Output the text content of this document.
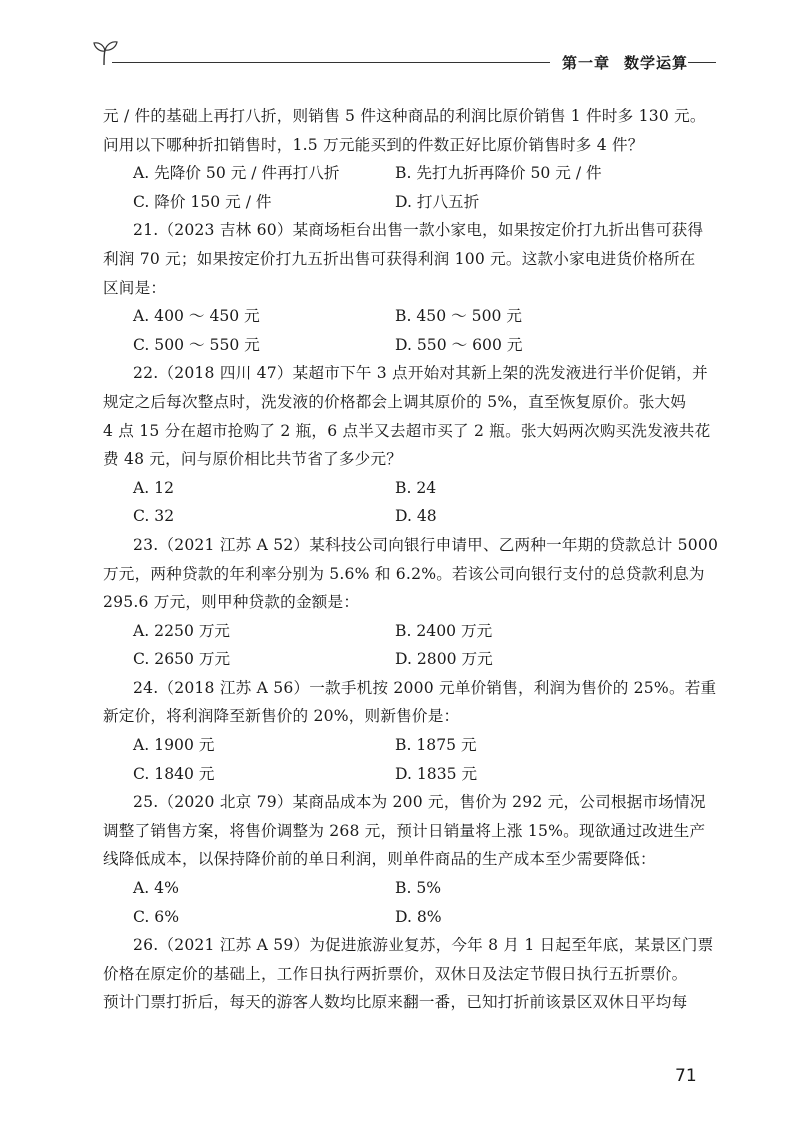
第一章 数学运算
元 / 件的基础上再打八折，则销售 5 件这种商品的利润比原价销售 1 件时多 130 元。
问用以下哪种折扣销售时，1.5 万元能买到的件数正好比原价销售时多 4 件？
A. 先降价 50 元 / 件再打八折	B. 先打九折再降价 50 元 / 件
C. 降价 150 元 / 件	D. 打八五折
21.（2023 吉林 60）某商场柜台出售一款小家电，如果按定价打九折出售可获得
利润 70 元；如果按定价打九五折出售可获得利润 100 元。这款小家电进货价格所在
区间是：
A. 400 ～ 450 元	B. 450 ～ 500 元
C. 500 ～ 550 元	D. 550 ～ 600 元
22.（2018 四川 47）某超市下午 3 点开始对其新上架的洗发液进行半价促销，并
规定之后每次整点时，洗发液的价格都会上调其原价的 5%，直至恢复原价。张大妈
4 点 15 分在超市抢购了 2 瓶，6 点半又去超市买了 2 瓶。张大妈两次购买洗发液共花
费 48 元，问与原价相比共节省了多少元？
A. 12	B. 24
C. 32	D. 48
23.（2021 江苏 A 52）某科技公司向银行申请甲、乙两种一年期的贷款总计 5000
万元，两种贷款的年利率分别为 5.6% 和 6.2%。若该公司向银行支付的总贷款利息为
295.6 万元，则甲种贷款的金额是：
A. 2250 万元	B. 2400 万元
C. 2650 万元	D. 2800 万元
24.（2018 江苏 A 56）一款手机按 2000 元单价销售，利润为售价的 25%。若重
新定价，将利润降至新售价的 20%，则新售价是：
A. 1900 元	B. 1875 元
C. 1840 元	D. 1835 元
25.（2020 北京 79）某商品成本为 200 元，售价为 292 元，公司根据市场情况
调整了销售方案，将售价调整为 268 元，预计日销量将上涨 15%。现欲通过改进生产
线降低成本，以保持降价前的单日利润，则单件商品的生产成本至少需要降低：
A. 4%	B. 5%
C. 6%	D. 8%
26.（2021 江苏 A 59）为促进旅游业复苏，今年 8 月 1 日起至年底，某景区门票
价格在原定价的基础上，工作日执行两折票价，双休日及法定节假日执行五折票价。
预计门票打折后，每天的游客人数均比原来翻一番，已知打折前该景区双休日平均每
71
